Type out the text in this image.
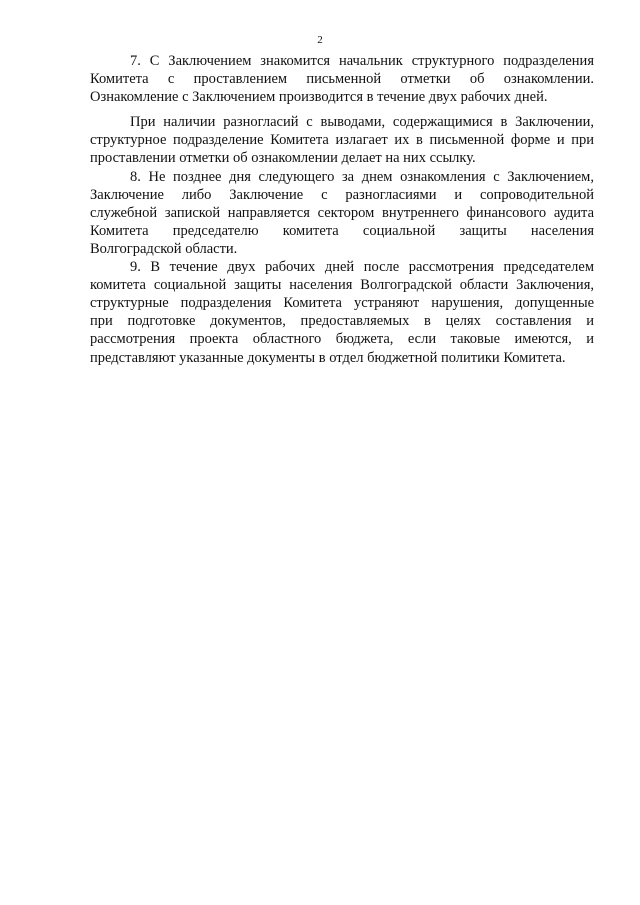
2
7. С Заключением знакомится начальник структурного подразделения
Комитета с проставлением письменной отметки об ознакомлении.
Ознакомление с Заключением производится в течение двух рабочих дней.
При наличии разногласий с выводами, содержащимися в Заключении,
структурное подразделение Комитета излагает их в письменной форме и при
проставлении отметки об ознакомлении делает на них ссылку.
8. Не позднее дня следующего за днем ознакомления с Заключением,
Заключение либо Заключение с разногласиями и сопроводительной
служебной запиской направляется сектором внутреннего финансового аудита
Комитета председателю комитета социальной защиты населения
Волгоградской области.
9. В течение двух рабочих дней после рассмотрения председателем
комитета социальной защиты населения Волгоградской области Заключения,
структурные подразделения Комитета устраняют нарушения, допущенные
при подготовке документов, предоставляемых в целях составления и
рассмотрения проекта областного бюджета, если таковые имеются, и
представляют указанные документы в отдел бюджетной политики Комитета.
